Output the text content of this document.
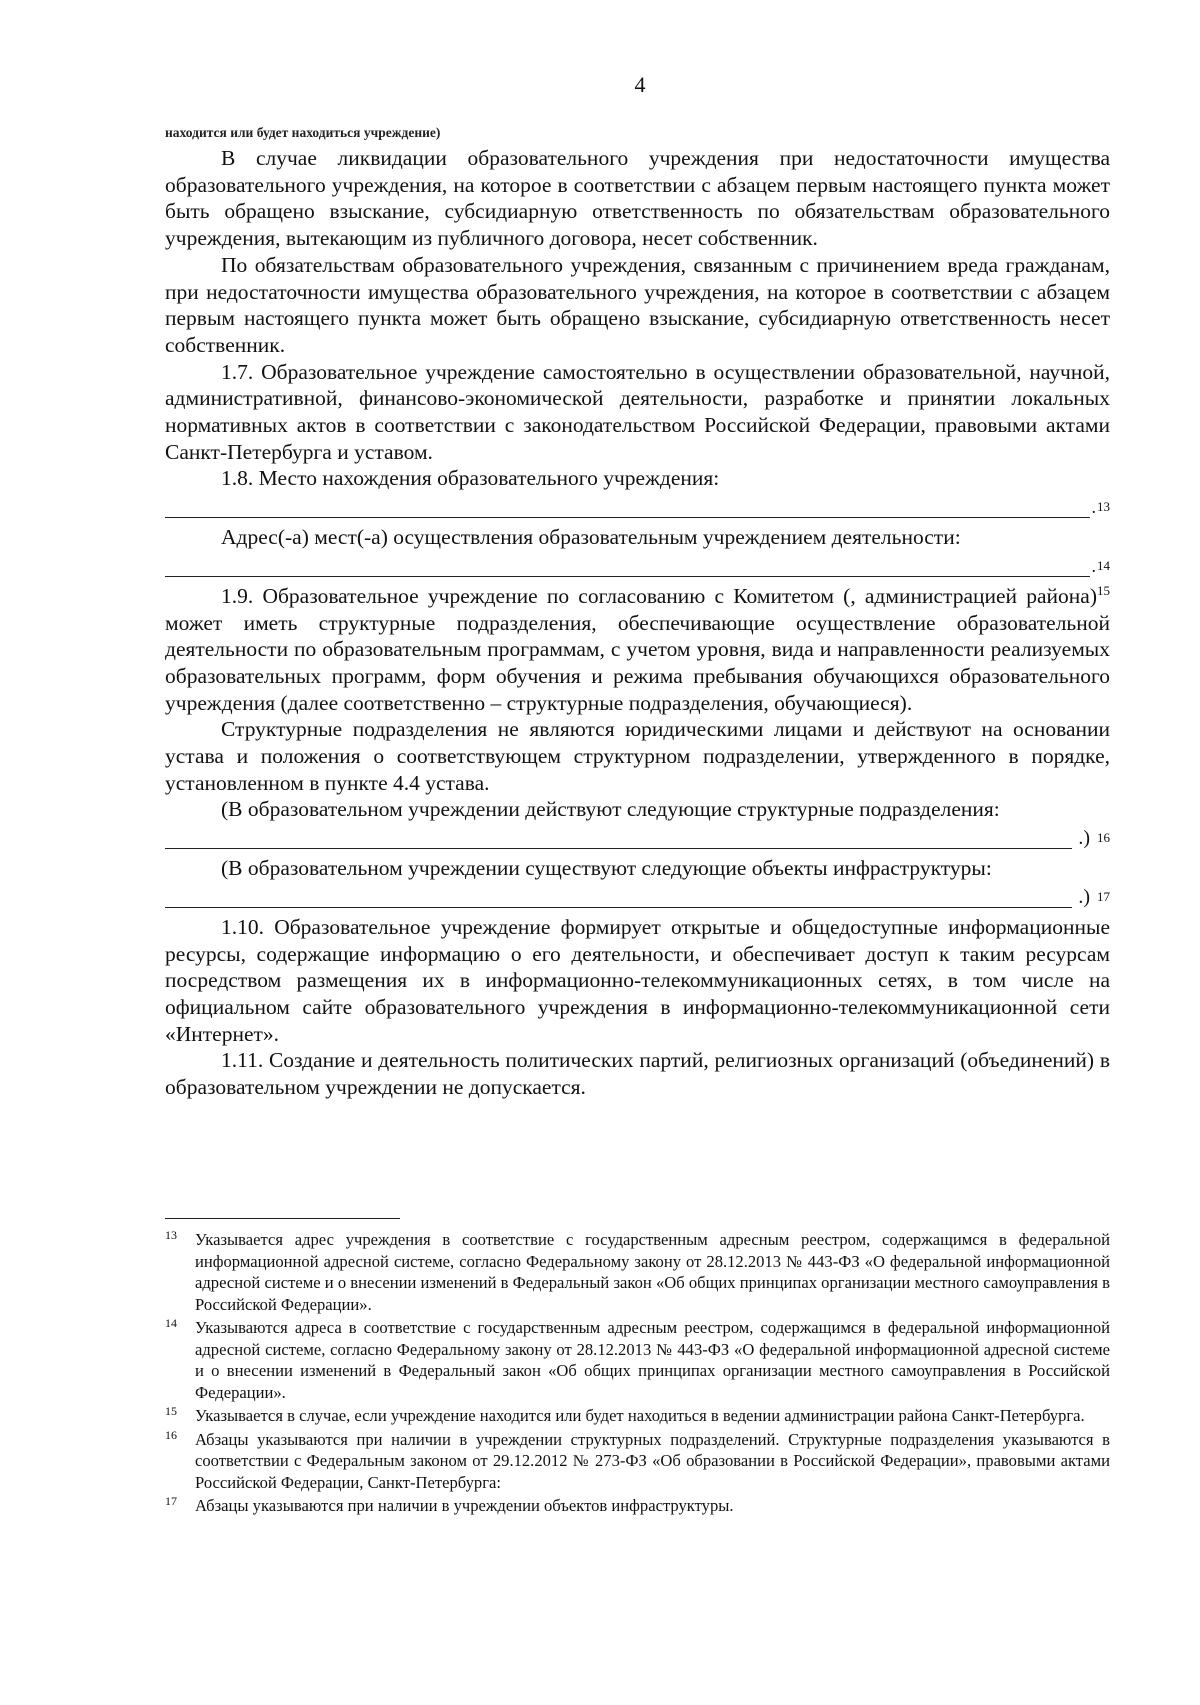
4
находится или будет находиться учреждение)

В случае ликвидации образовательного учреждения при недостаточности имущества образовательного учреждения, на которое в соответствии с абзацем первым настоящего пункта может быть обращено взыскание, субсидиарную ответственность по обязательствам образовательного учреждения, вытекающим из публичного договора, несет собственник.

По обязательствам образовательного учреждения, связанным с причинением вреда гражданам, при недостаточности имущества образовательного учреждения, на которое в соответствии с абзацем первым настоящего пункта может быть обращено взыскание, субсидиарную ответственность несет собственник.

1.7. Образовательное учреждение самостоятельно в осуществлении образовательной, научной, административной, финансово-экономической деятельности, разработке и принятии локальных нормативных актов в соответствии с законодательством Российской Федерации, правовыми актами Санкт-Петербурга и уставом.

1.8. Место нахождения образовательного учреждения:

. 13

Адрес(-а) мест(-а) осуществления образовательным учреждением деятельности:

. 14

1.9. Образовательное учреждение по согласованию с Комитетом (, администрацией района)$^{15}$ может иметь структурные подразделения, обеспечивающие осуществление образовательной деятельности по образовательным программам, с учетом уровня, вида и направленности реализуемых образовательных программ, форм обучения и режима пребывания обучающихся образовательного учреждения (далее соответственно – структурные подразделения, обучающиеся).

Структурные подразделения не являются юридическими лицами и действуют на основании устава и положения о соответствующем структурном подразделении, утвержденного в порядке, установленном в пункте 4.4 устава.

(В образовательном учреждении действуют следующие структурные подразделения:

.) 16

(В образовательном учреждении существуют следующие объекты инфраструктуры:

.) 17

1.10. Образовательное учреждение формирует открытые и общедоступные информационные ресурсы, содержащие информацию о его деятельности, и обеспечивает доступ к таким ресурсам посредством размещения их в информационно-телекоммуникационных сетях, в том числе на официальном сайте образовательного учреждения в информационно-телекоммуникационной сети «Интернет».

1.11. Создание и деятельность политических партий, религиозных организаций (объединений) в образовательном учреждении не допускается.

13 Указывается адрес учреждения в соответствие с государственным адресным реестром, содержащимся в федеральной информационной адресной системе, согласно Федеральному закону от 28.12.2013 № 443-ФЗ «О федеральной информационной адресной системе и о внесении изменений в Федеральный закон «Об общих принципах организации местного самоуправления в Российской Федерации».
14 Указываются адреса в соответствие с государственным адресным реестром, содержащимся в федеральной информационной адресной системе, согласно Федеральному закону от 28.12.2013 № 443-ФЗ «О федеральной информационной адресной системе и о внесении изменений в Федеральный закон «Об общих принципах организации местного самоуправления в Российской Федерации».
15 Указывается в случае, если учреждение находится или будет находиться в ведении администрации района Санкт-Петербурга.
16 Абзацы указываются при наличии в учреждении структурных подразделений. Структурные подразделения указываются в соответствии с Федеральным законом от 29.12.2012 № 273-ФЗ «Об образовании в Российской Федерации», правовыми актами Российской Федерации, Санкт-Петербурга:
17 Абзацы указываются при наличии в учреждении объектов инфраструктуры.
